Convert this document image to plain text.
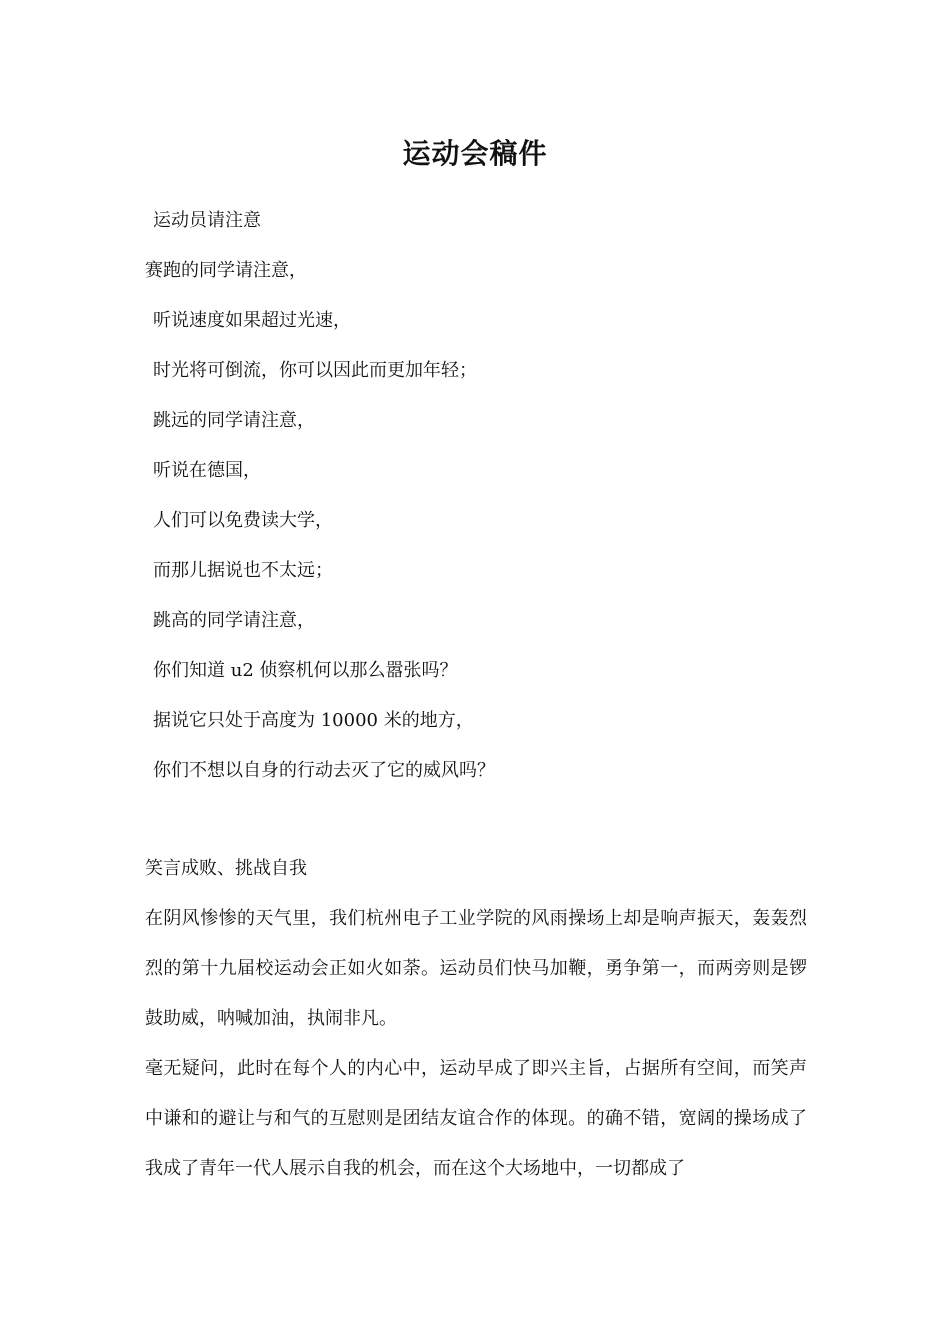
运动会稿件
运动员请注意
赛跑的同学请注意，
听说速度如果超过光速，
时光将可倒流，你可以因此而更加年轻；
跳远的同学请注意，
听说在德国，
人们可以免费读大学，
而那儿据说也不太远；
跳高的同学请注意，
你们知道 u2 侦察机何以那么嚣张吗？
据说它只处于高度为 10000 米的地方，
你们不想以自身的行动去灭了它的威风吗？
笑言成败、挑战自我
在阴风惨惨的天气里，我们杭州电子工业学院的风雨操场上却是响声振天，轰轰烈烈的第十九届校运动会正如火如荼。运动员们快马加鞭，勇争第一，而两旁则是锣鼓助威，呐喊加油，执闹非凡。
毫无疑问，此时在每个人的内心中，运动早成了即兴主旨，占据所有空间，而笑声中谦和的避让与和气的互慰则是团结友谊合作的体现。的确不错，宽阔的操场成了我成了青年一代人展示自我的机会，而在这个大场地中，一切都成了
